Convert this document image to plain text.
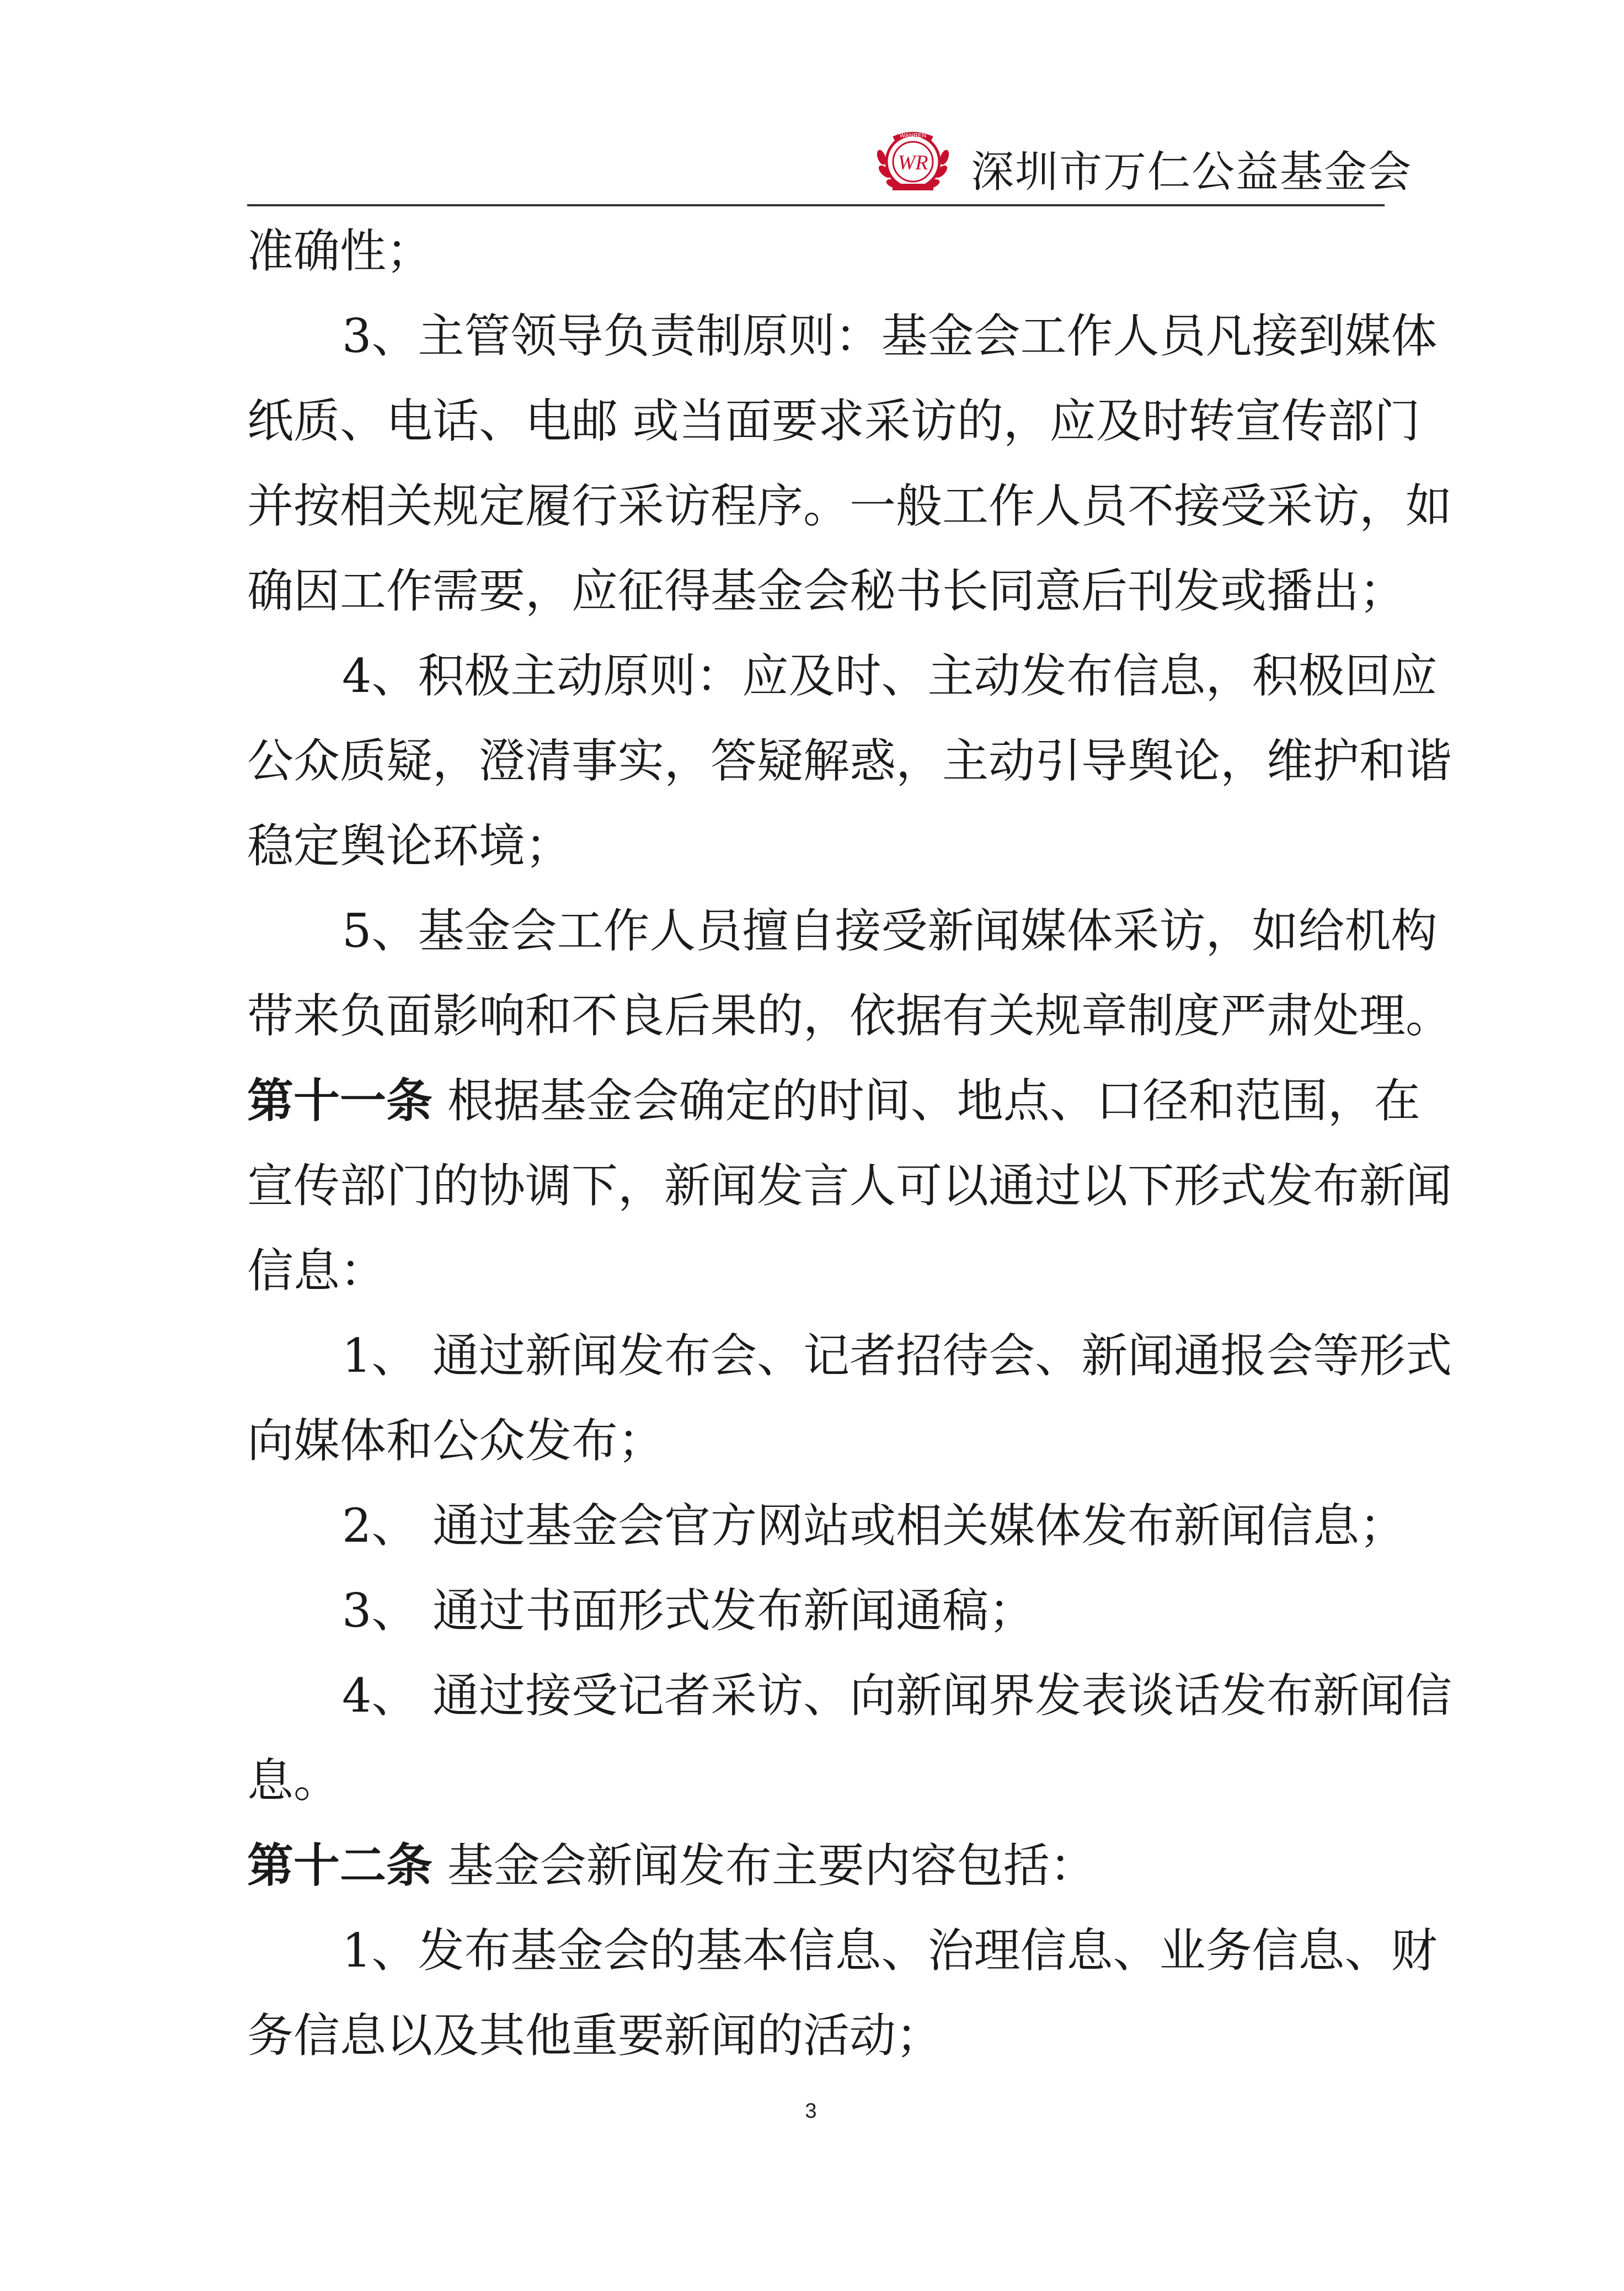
WANREN
WR 深圳市万仁公益基金会
准确性；
3、主管领导负责制原则：基金会工作人员凡接到媒体
纸质、电话、电邮 或当面要求采访的，应及时转宣传部门
并按相关规定履行采访程序。一般工作人员不接受采访，如
确因工作需要，应征得基金会秘书长同意后刊发或播出；
4、积极主动原则：应及时、主动发布信息，积极回应
公众质疑，澄清事实，答疑解惑，主动引导舆论，维护和谐
稳定舆论环境；
5、基金会工作人员擅自接受新闻媒体采访，如给机构
带来负面影响和不良后果的，依据有关规章制度严肃处理。
第十一条 根据基金会确定的时间、地点、口径和范围，在
宣传部门的协调下，新闻发言人可以通过以下形式发布新闻
信息：
1、 通过新闻发布会、记者招待会、新闻通报会等形式
向媒体和公众发布；
2、 通过基金会官方网站或相关媒体发布新闻信息；
3、 通过书面形式发布新闻通稿；
4、 通过接受记者采访、向新闻界发表谈话发布新闻信
息。
第十二条 基金会新闻发布主要内容包括：
1、发布基金会的基本信息、治理信息、业务信息、财
务信息以及其他重要新闻的活动；
3
